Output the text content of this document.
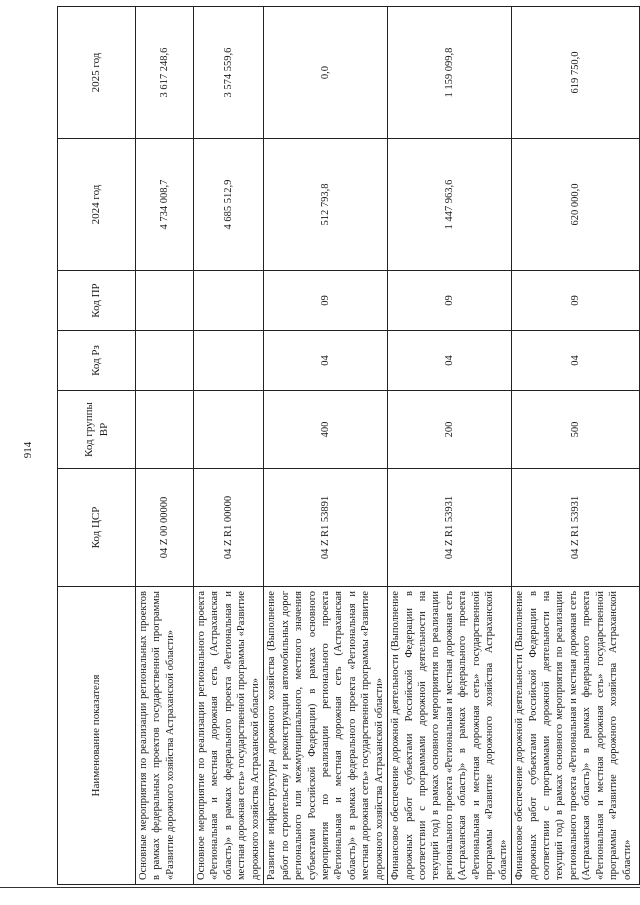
914
Наименование показателя	Код ЦСР	Код группы ВР	Код Рз	Код ПР	2024 год	2025 год
Основные мероприятия по реализации региональных проектов в рамках федеральных проектов государственной программы «Развитие дорожного хозяйства Астраханской области»	04 Z 00 00000				4 734 008,7	3 617 248,6
Основное мероприятие по реализации регионального проекта «Региональная и местная дорожная сеть (Астраханская область)» в рамках федерального проекта «Региональная и местная дорожная сеть» государственной программы «Развитие дорожного хозяйства Астраханской области»	04 Z R1 00000				4 685 512,9	3 574 559,6
Развитие инфраструктуры дорожного хозяйства (Выполнение работ по строительству и реконструкции автомобильных дорог регионального или межмуниципального, местного значения субъектами Российской Федерации) в рамках основного мероприятия по реализации регионального проекта «Региональная и местная дорожная сеть (Астраханская область)» в рамках федерального проекта «Региональная и местная дорожная сеть» государственной программы «Развитие дорожного хозяйства Астраханской области»	04 Z R1 53891	400	04	09	512 793,8	0,0
Финансовое обеспечение дорожной деятельности (Выполнение дорожных работ субъектами Российской Федерации в соответствии с программами дорожной деятельности на текущий год) в рамках основного мероприятия по реализации регионального проекта «Региональная и местная дорожная сеть (Астраханская область)» в рамках федерального проекта «Региональная и местная дорожная сеть» государственной программы «Развитие дорожного хозяйства Астраханской области»	04 Z R1 53931	200	04	09	1 447 963,6	1 159 099,8
Финансовое обеспечение дорожной деятельности (Выполнение дорожных работ субъектами Российской Федерации в соответствии с программами дорожной деятельности на текущий год) в рамках основного мероприятия по реализации регионального проекта «Региональная и местная дорожная сеть (Астраханская область)» в рамках федерального проекта «Региональная и местная дорожная сеть» государственной программы «Развитие дорожного хозяйства Астраханской области»	04 Z R1 53931	500	04	09	620 000,0	619 750,0
